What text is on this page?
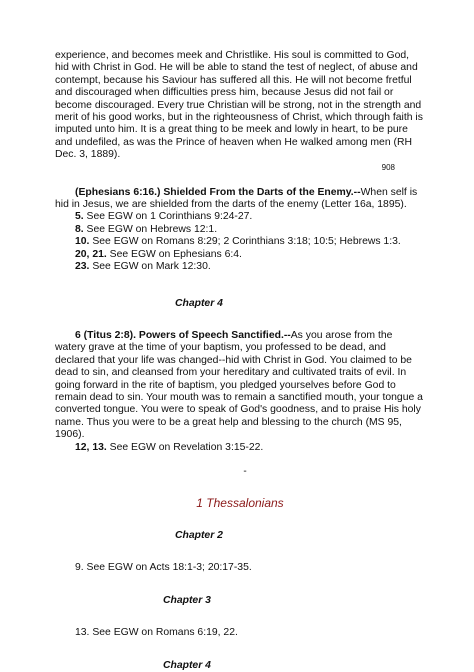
experience, and becomes meek and Christlike. His soul is committed to God, hid with Christ in God. He will be able to stand the test of neglect, of abuse and contempt, because his Saviour has suffered all this. He will not become fretful and discouraged when difficulties press him, because Jesus did not fail or become discouraged. Every true Christian will be strong, not in the strength and merit of his good works, but in the righteousness of Christ, which through faith is imputed unto him. It is a great thing to be meek and lowly in heart, to be pure and undefiled, as was the Prince of heaven when He walked among men (RH Dec. 3, 1889).

908

(Ephesians 6:16.) Shielded From the Darts of the Enemy.--When self is hid in Jesus, we are shielded from the darts of the enemy (Letter 16a, 1895).

5. See EGW on 1 Corinthians 9:24-27.

8. See EGW on Hebrews 12:1.

10. See EGW on Romans 8:29; 2 Corinthians 3:18; 10:5; Hebrews 1:3.

20, 21. See EGW on Ephesians 6:4.

23. See EGW on Mark 12:30.

Chapter 4

6 (Titus 2:8). Powers of Speech Sanctified.--As you arose from the watery grave at the time of your baptism, you professed to be dead, and declared that your life was changed--hid with Christ in God. You claimed to be dead to sin, and cleansed from your hereditary and cultivated traits of evil. In going forward in the rite of baptism, you pledged yourselves before God to remain dead to sin. Your mouth was to remain a sanctified mouth, your tongue a converted tongue. You were to speak of God's goodness, and to praise His holy name. Thus you were to be a great help and blessing to the church (MS 95, 1906).

12, 13. See EGW on Revelation 3:15-22.

-
1 Thessalonians
Chapter 2

9. See EGW on Acts 18:1-3; 20:17-35.

Chapter 3

13. See EGW on Romans 6:19, 22.

Chapter 4
